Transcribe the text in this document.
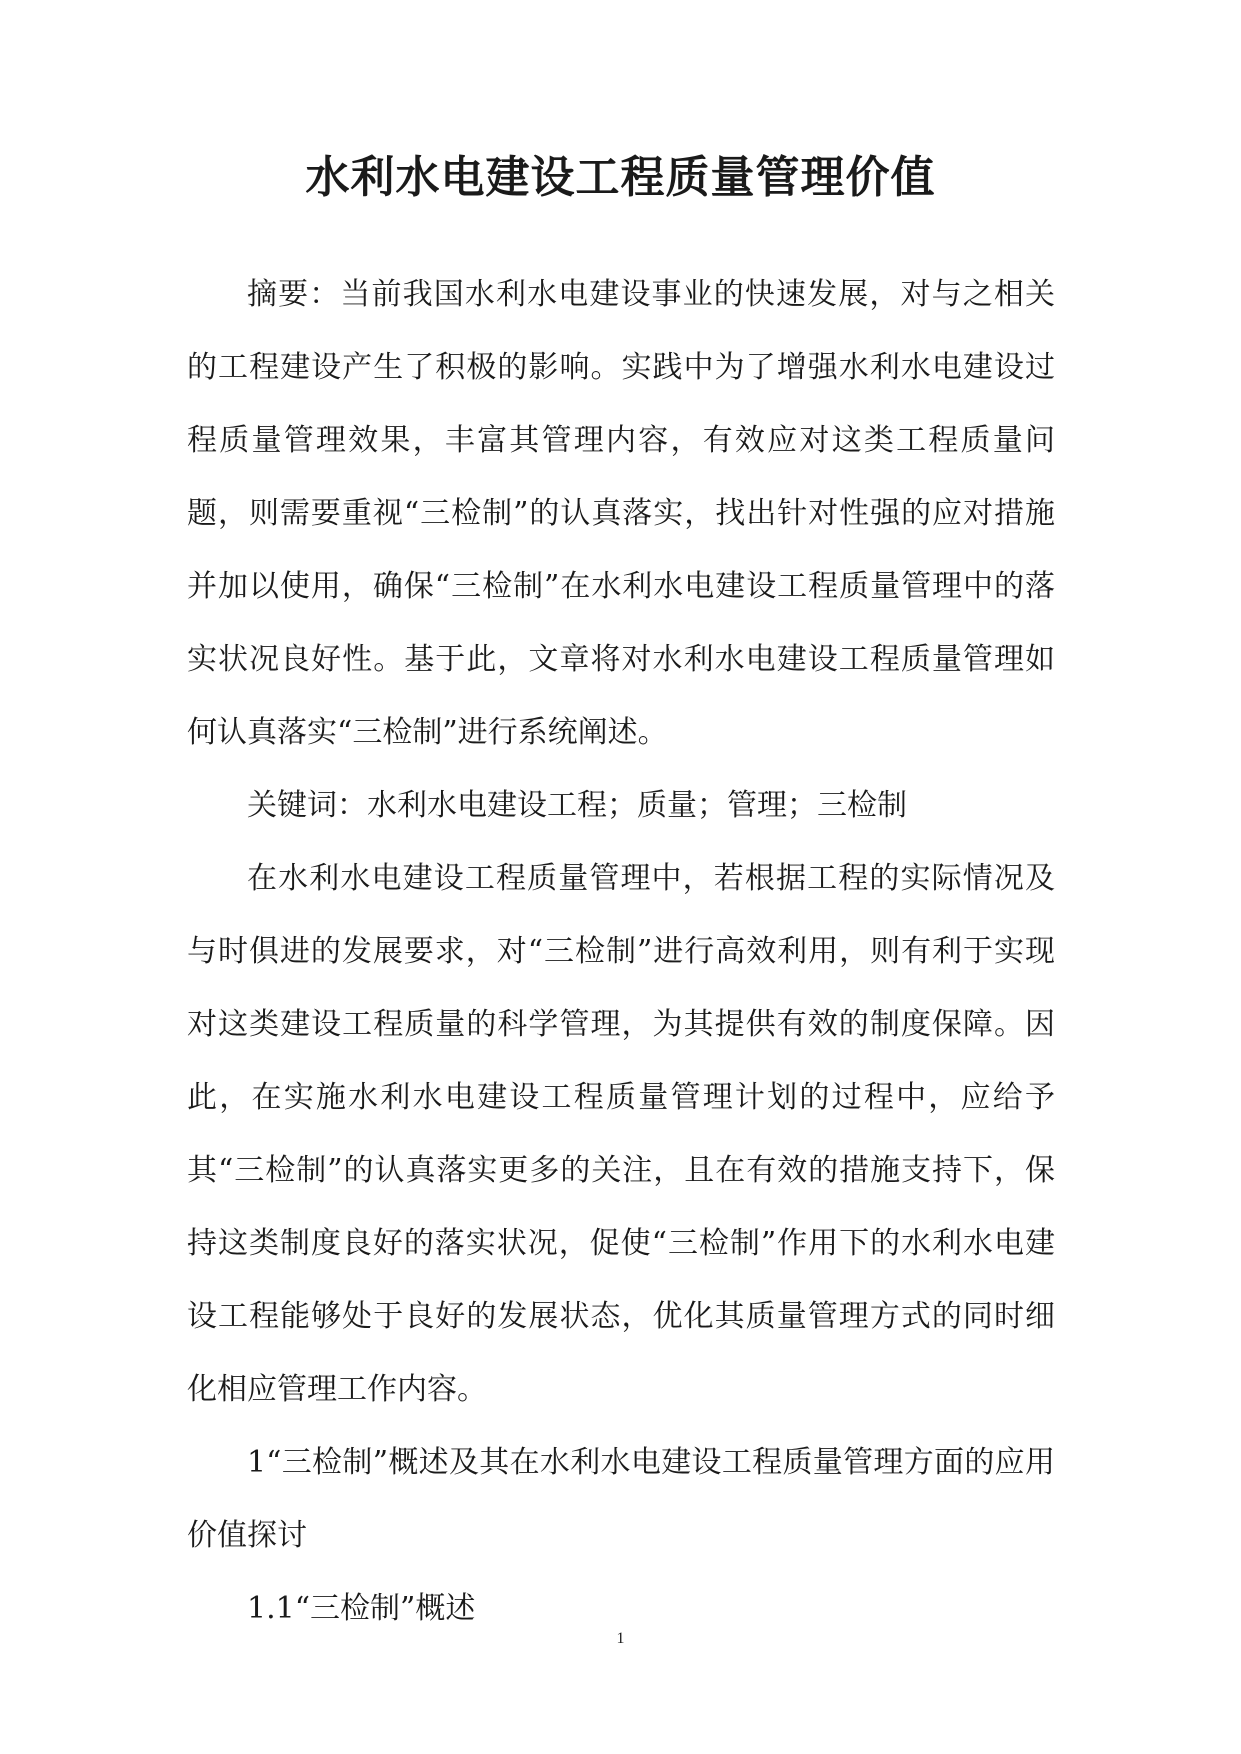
水利水电建设工程质量管理价值

摘要：当前我国水利水电建设事业的快速发展，对与之相关的工程建设产生了积极的影响。实践中为了增强水利水电建设过程质量管理效果，丰富其管理内容，有效应对这类工程质量问题，则需要重视“三检制”的认真落实，找出针对性强的应对措施并加以使用，确保“三检制”在水利水电建设工程质量管理中的落实状况良好性。基于此，文章将对水利水电建设工程质量管理如何认真落实“三检制”进行系统阐述。

关键词：水利水电建设工程；质量；管理；三检制

在水利水电建设工程质量管理中，若根据工程的实际情况及与时俱进的发展要求，对“三检制”进行高效利用，则有利于实现对这类建设工程质量的科学管理，为其提供有效的制度保障。因此，在实施水利水电建设工程质量管理计划的过程中，应给予其“三检制”的认真落实更多的关注，且在有效的措施支持下，保持这类制度良好的落实状况，促使“三检制”作用下的水利水电建设工程能够处于良好的发展状态，优化其质量管理方式的同时细化相应管理工作内容。

1“三检制”概述及其在水利水电建设工程质量管理方面的应用价值探讨

1.1“三检制”概述

1
